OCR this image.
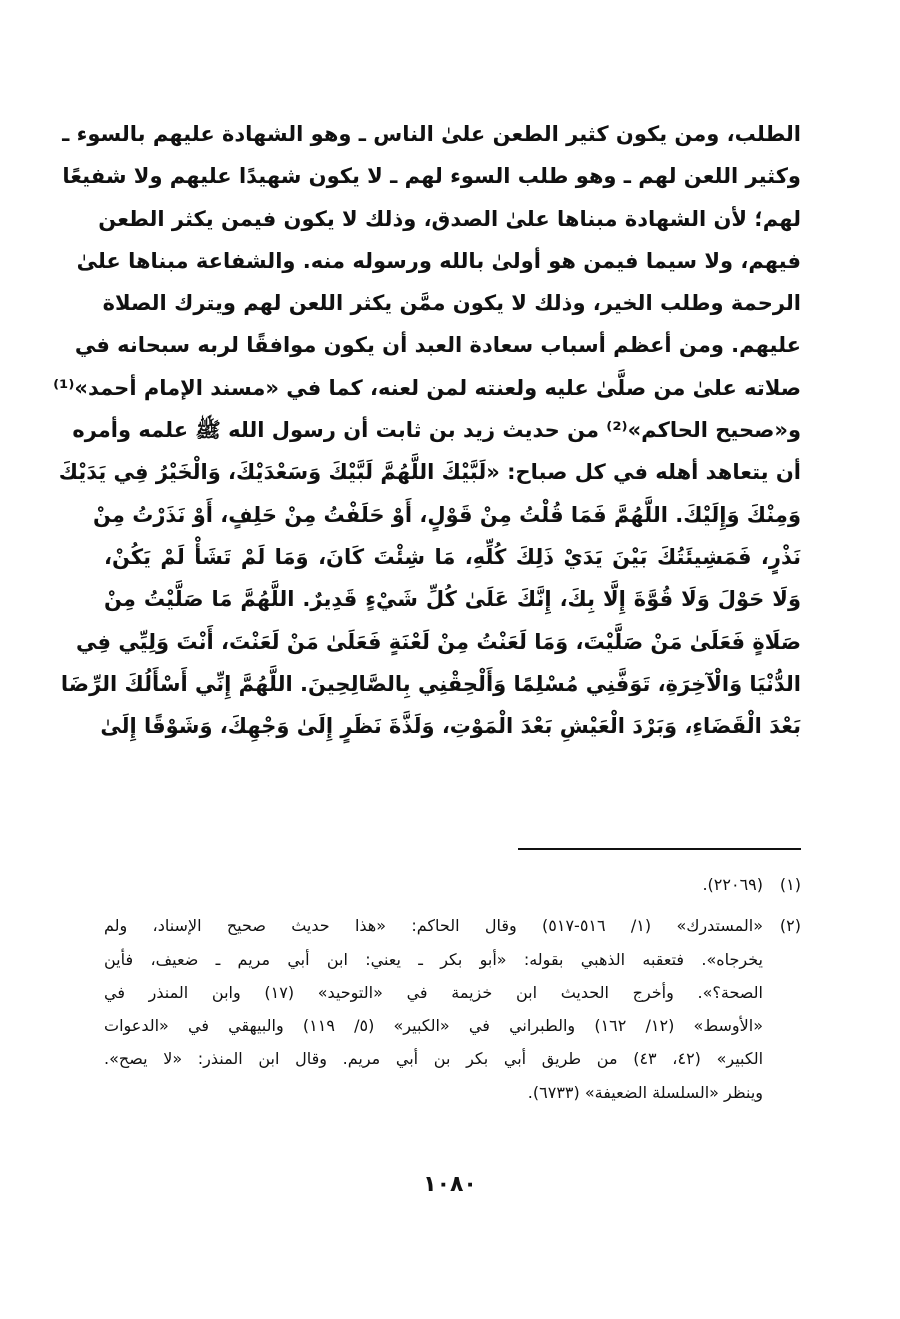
الطلب، ومن يكون كثير الطعن علىٰ الناس ـ وهو الشهادة عليهم بالسوء ـ
وكثير اللعن لهم ـ وهو طلب السوء لهم ـ لا يكون شهيدًا عليهم ولا شفيعًا
لهم؛ لأن الشهادة مبناها علىٰ الصدق، وذلك لا يكون فيمن يكثر الطعن
فيهم، ولا سيما فيمن هو أولىٰ بالله ورسوله منه. والشفاعة مبناها علىٰ
الرحمة وطلب الخير، وذلك لا يكون ممَّن يكثر اللعن لهم ويترك الصلاة
عليهم. ومن أعظم أسباب سعادة العبد أن يكون موافقًا لربه سبحانه في
صلاته علىٰ من صلَّىٰ عليه ولعنته لمن لعنه، كما في «مسند الإمام أحمد»⁽¹⁾
و«صحيح الحاكم»⁽²⁾ من حديث زيد بن ثابت أن رسول الله ﷺ علمه وأمره
أن يتعاهد أهله في كل صباح: «لَبَّيْكَ اللَّهُمَّ لَبَّيْكَ وَسَعْدَيْكَ، وَالْخَيْرُ فِي يَدَيْكَ
وَمِنْكَ وَإِلَيْكَ. اللَّهُمَّ فَمَا قُلْتُ مِنْ قَوْلٍ، أَوْ حَلَفْتُ مِنْ حَلِفٍ، أَوْ نَذَرْتُ مِنْ
نَذْرٍ، فَمَشِيئَتُكَ بَيْنَ يَدَيْ ذَلِكَ كُلِّهِ، مَا شِئْتَ كَانَ، وَمَا لَمْ تَشَأْ لَمْ يَكُنْ،
وَلَا حَوْلَ وَلَا قُوَّةَ إِلَّا بِكَ، إِنَّكَ عَلَىٰ كُلِّ شَيْءٍ قَدِيرٌ. اللَّهُمَّ مَا صَلَّيْتُ مِنْ
صَلَاةٍ فَعَلَىٰ مَنْ صَلَّيْتَ، وَمَا لَعَنْتُ مِنْ لَعْنَةٍ فَعَلَىٰ مَنْ لَعَنْتَ، أَنْتَ وَلِيِّي فِي
الدُّنْيَا وَالْآخِرَةِ، تَوَفَّنِي مُسْلِمًا وَأَلْحِقْنِي بِالصَّالِحِينَ. اللَّهُمَّ إِنِّي أَسْأَلُكَ الرِّضَا
بَعْدَ الْقَضَاءِ، وَبَرْدَ الْعَيْشِ بَعْدَ الْمَوْتِ، وَلَذَّةَ نَظَرٍ إِلَىٰ وَجْهِكَ، وَشَوْقًا إِلَىٰ
(١)(٢٢٠٦٩).
(٢)«المستدرك» (١/ ٥١٦-٥١٧) وقال الحاكم: «هذا حديث صحيح الإسناد، ولم
يخرجاه». فتعقبه الذهبي بقوله: «أبو بكر ـ يعني: ابن أبي مريم ـ ضعيف، فأين
الصحة؟». وأخرج الحديث ابن خزيمة في «التوحيد» (١٧) وابن المنذر في
«الأوسط» (١٢/ ١٦٢) والطبراني في «الكبير» (٥/ ١١٩) والبيهقي في «الدعوات
الكبير» (٤٢، ٤٣) من طريق أبي بكر بن أبي مريم. وقال ابن المنذر: «لا يصح».
وينظر «السلسلة الضعيفة» (٦٧٣٣).
١٠٨٠
